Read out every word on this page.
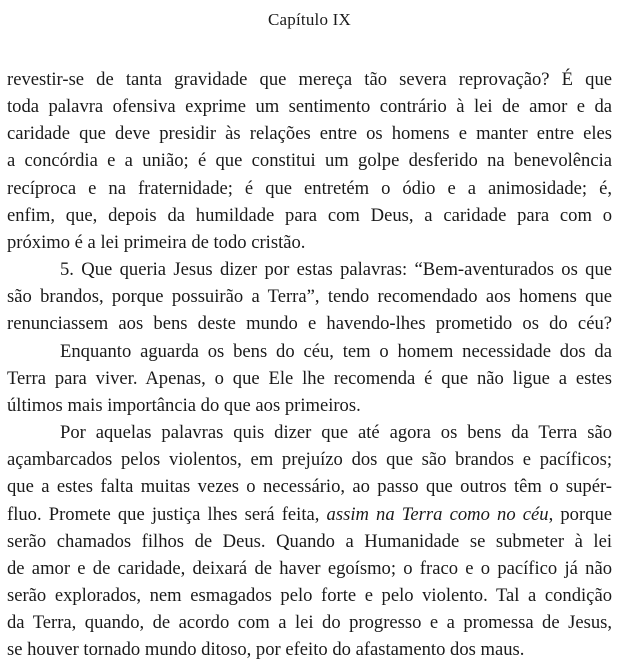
Capítulo IX
revestir-se de tanta gravidade que mereça tão severa reprovação? É que
toda palavra ofensiva exprime um sentimento contrário à lei de amor e da
caridade que deve presidir às relações entre os homens e manter entre eles
a concórdia e a união; é que constitui um golpe desferido na benevolência
recíproca e na fraternidade; é que entretém o ódio e a animosidade; é,
enfim, que, depois da humildade para com Deus, a caridade para com o
próximo é a lei primeira de todo cristão.
5. Que queria Jesus dizer por estas palavras: “Bem-aventurados os que
são brandos, porque possuirão a Terra”, tendo recomendado aos homens que
renunciassem aos bens deste mundo e havendo-lhes prometido os do céu?
Enquanto aguarda os bens do céu, tem o homem necessidade dos da
Terra para viver. Apenas, o que Ele lhe recomenda é que não ligue a estes
últimos mais importância do que aos primeiros.
Por aquelas palavras quis dizer que até agora os bens da Terra são
açambarcados pelos violentos, em prejuízo dos que são brandos e pacíficos;
que a estes falta muitas vezes o necessário, ao passo que outros têm o supér-
fluo. Promete que justiça lhes será feita, assim na Terra como no céu, porque
serão chamados filhos de Deus. Quando a Humanidade se submeter à lei
de amor e de caridade, deixará de haver egoísmo; o fraco e o pacífico já não
serão explorados, nem esmagados pelo forte e pelo violento. Tal a condição
da Terra, quando, de acordo com a lei do progresso e a promessa de Jesus,
se houver tornado mundo ditoso, por efeito do afastamento dos maus.
